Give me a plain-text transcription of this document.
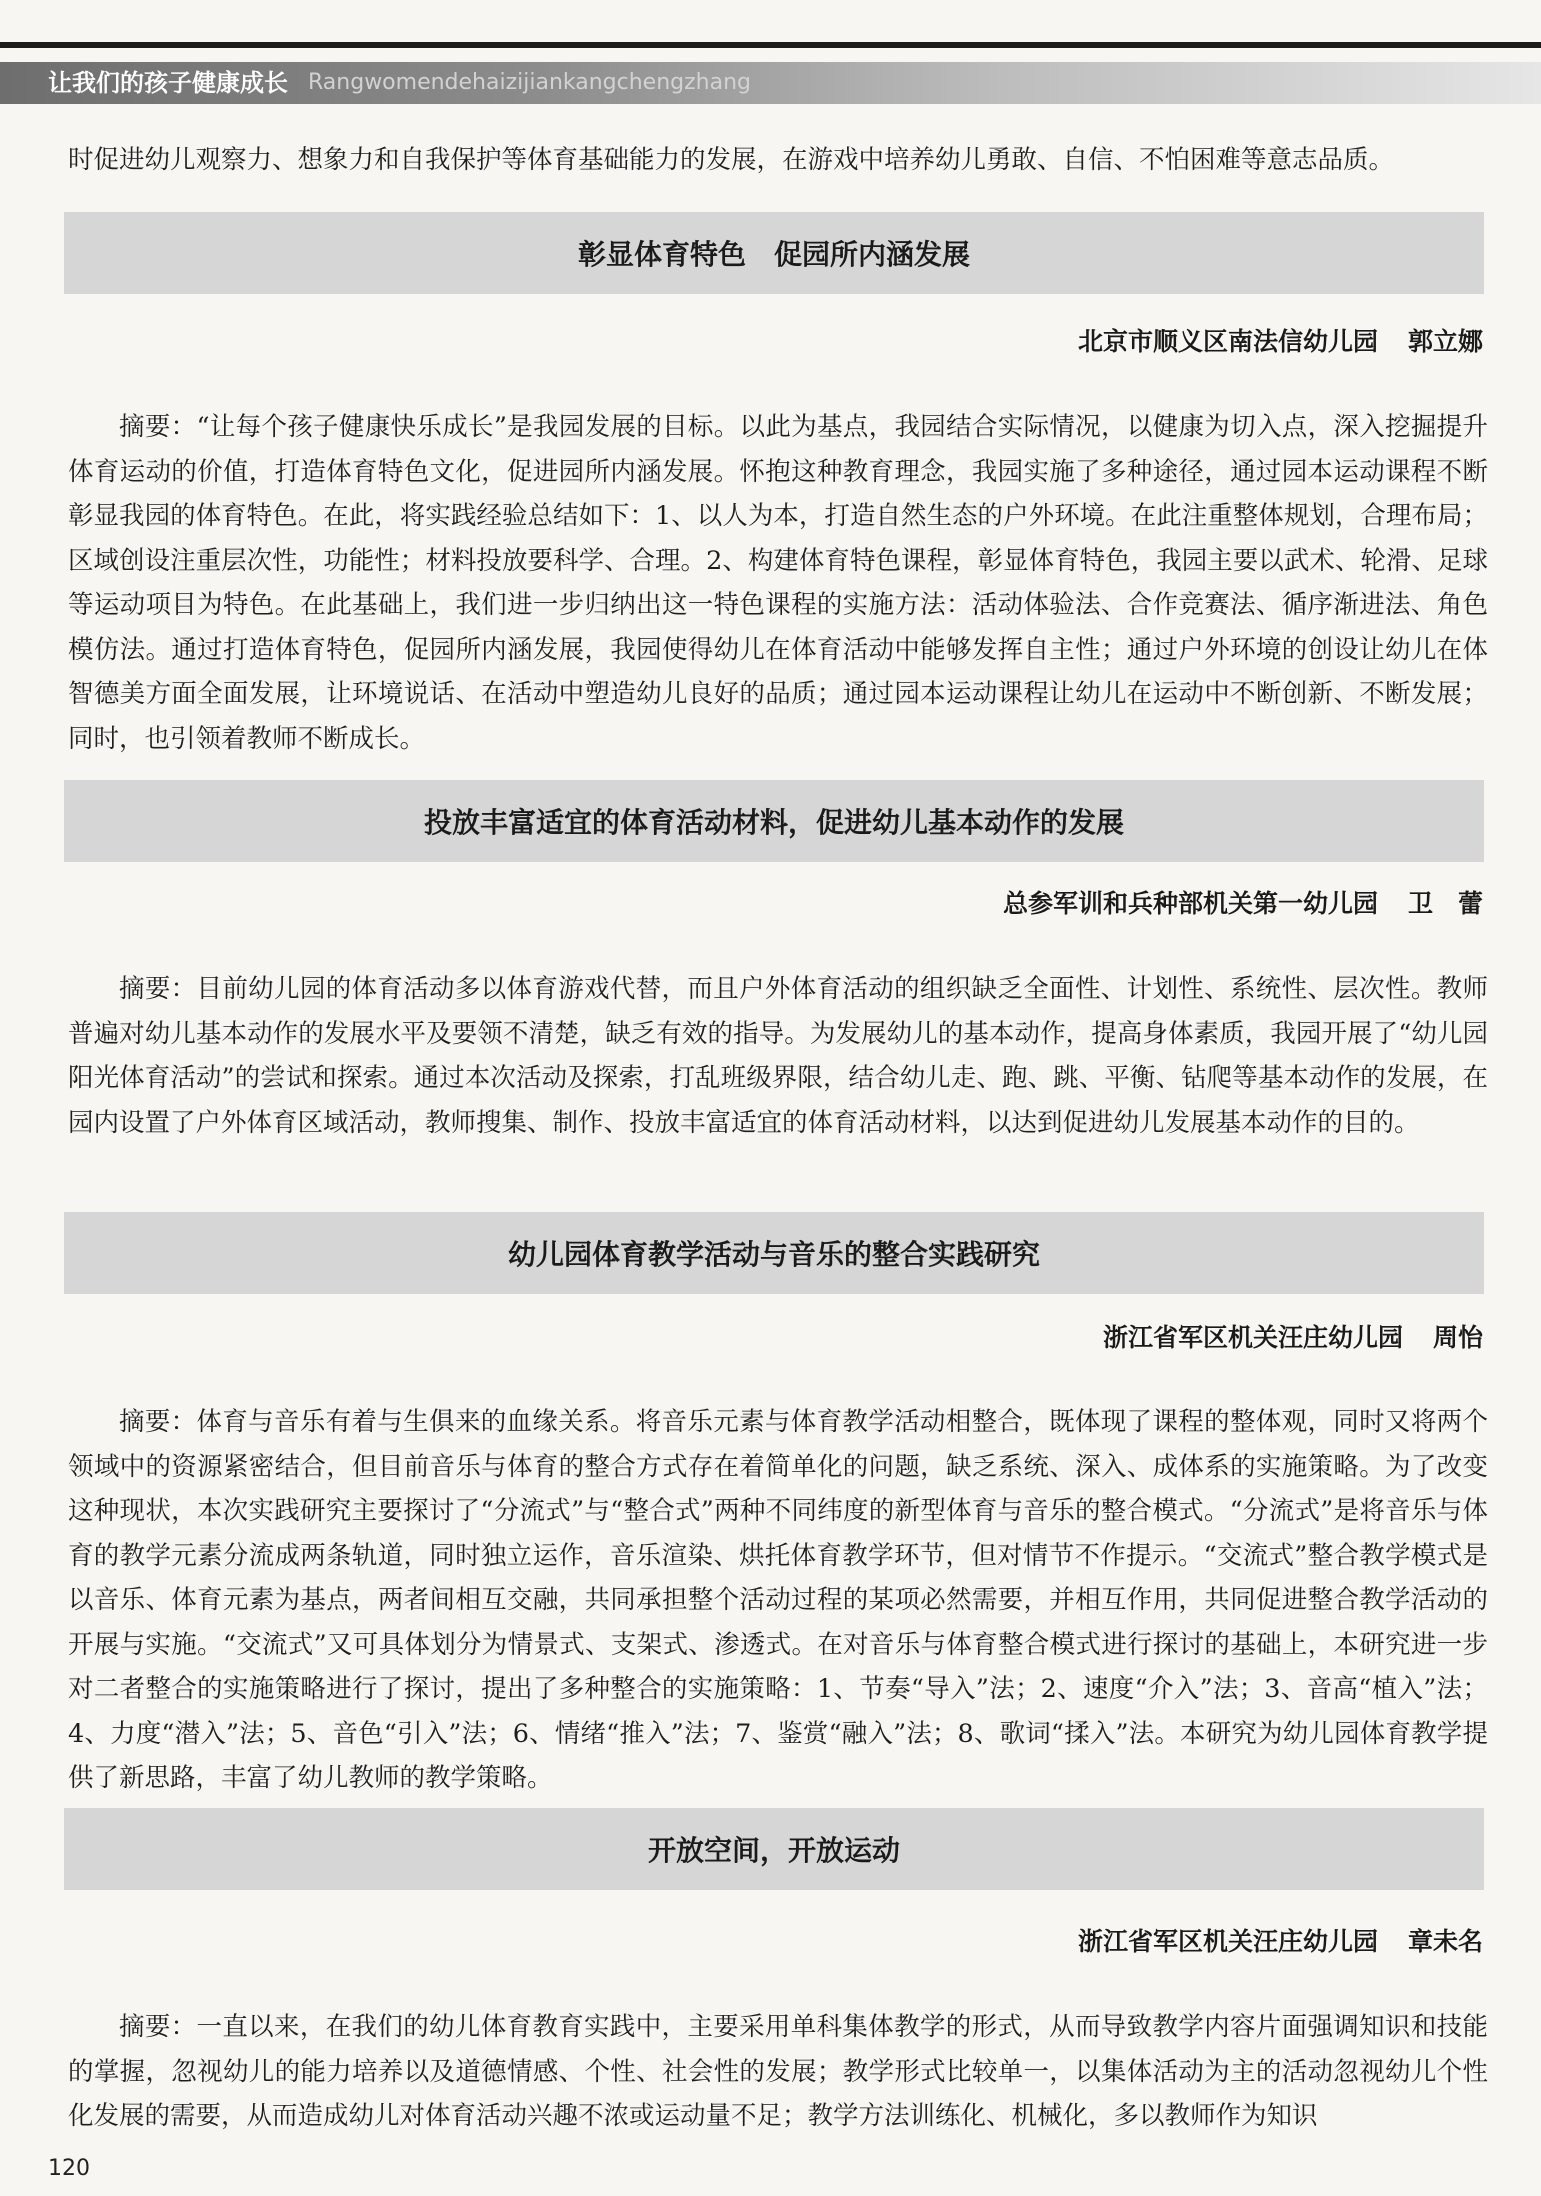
让我们的孩子健康成长 Rangwomendehaizijiankangchengzhang

时促进幼儿观察力、想象力和自我保护等体育基础能力的发展，在游戏中培养幼儿勇敢、自信、不怕困难等意志品质。

彰显体育特色　促园所内涵发展
北京市顺义区南法信幼儿园 郭立娜

摘要：“让每个孩子健康快乐成长”是我园发展的目标。以此为基点，我园结合实际情况，以健康为切入点，深入挖掘提升体育运动的价值，打造体育特色文化，促进园所内涵发展。怀抱这种教育理念，我园实施了多种途径，通过园本运动课程不断彰显我园的体育特色。在此，将实践经验总结如下：1、以人为本，打造自然生态的户外环境。在此注重整体规划，合理布局；区域创设注重层次性，功能性；材料投放要科学、合理。2、构建体育特色课程，彰显体育特色，我园主要以武术、轮滑、足球等运动项目为特色。在此基础上，我们进一步归纳出这一特色课程的实施方法：活动体验法、合作竞赛法、循序渐进法、角色模仿法。通过打造体育特色，促园所内涵发展，我园使得幼儿在体育活动中能够发挥自主性；通过户外环境的创设让幼儿在体智德美方面全面发展，让环境说话、在活动中塑造幼儿良好的品质；通过园本运动课程让幼儿在运动中不断创新、不断发展；同时，也引领着教师不断成长。

投放丰富适宜的体育活动材料，促进幼儿基本动作的发展
总参军训和兵种部机关第一幼儿园 卫　蕾

摘要：目前幼儿园的体育活动多以体育游戏代替，而且户外体育活动的组织缺乏全面性、计划性、系统性、层次性。教师普遍对幼儿基本动作的发展水平及要领不清楚，缺乏有效的指导。为发展幼儿的基本动作，提高身体素质，我园开展了“幼儿园阳光体育活动”的尝试和探索。通过本次活动及探索，打乱班级界限，结合幼儿走、跑、跳、平衡、钻爬等基本动作的发展，在园内设置了户外体育区域活动，教师搜集、制作、投放丰富适宜的体育活动材料，以达到促进幼儿发展基本动作的目的。

幼儿园体育教学活动与音乐的整合实践研究
浙江省军区机关汪庄幼儿园 周怡

摘要：体育与音乐有着与生俱来的血缘关系。将音乐元素与体育教学活动相整合，既体现了课程的整体观，同时又将两个领域中的资源紧密结合，但目前音乐与体育的整合方式存在着简单化的问题，缺乏系统、深入、成体系的实施策略。为了改变这种现状，本次实践研究主要探讨了“分流式”与“整合式”两种不同纬度的新型体育与音乐的整合模式。“分流式”是将音乐与体育的教学元素分流成两条轨道，同时独立运作，音乐渲染、烘托体育教学环节，但对情节不作提示。“交流式”整合教学模式是以音乐、体育元素为基点，两者间相互交融，共同承担整个活动过程的某项必然需要，并相互作用，共同促进整合教学活动的开展与实施。“交流式”又可具体划分为情景式、支架式、渗透式。在对音乐与体育整合模式进行探讨的基础上，本研究进一步对二者整合的实施策略进行了探讨，提出了多种整合的实施策略：1、节奏“导入”法；2、速度“介入”法；3、音高“植入”法；4、力度“潜入”法；5、音色“引入”法；6、情绪“推入”法；7、鉴赏“融入”法；8、歌词“揉入”法。本研究为幼儿园体育教学提供了新思路，丰富了幼儿教师的教学策略。

开放空间，开放运动
浙江省军区机关汪庄幼儿园 章未名

摘要：一直以来，在我们的幼儿体育教育实践中，主要采用单科集体教学的形式，从而导致教学内容片面强调知识和技能的掌握，忽视幼儿的能力培养以及道德情感、个性、社会性的发展；教学形式比较单一，以集体活动为主的活动忽视幼儿个性化发展的需要，从而造成幼儿对体育活动兴趣不浓或运动量不足；教学方法训练化、机械化，多以教师作为知识

120
